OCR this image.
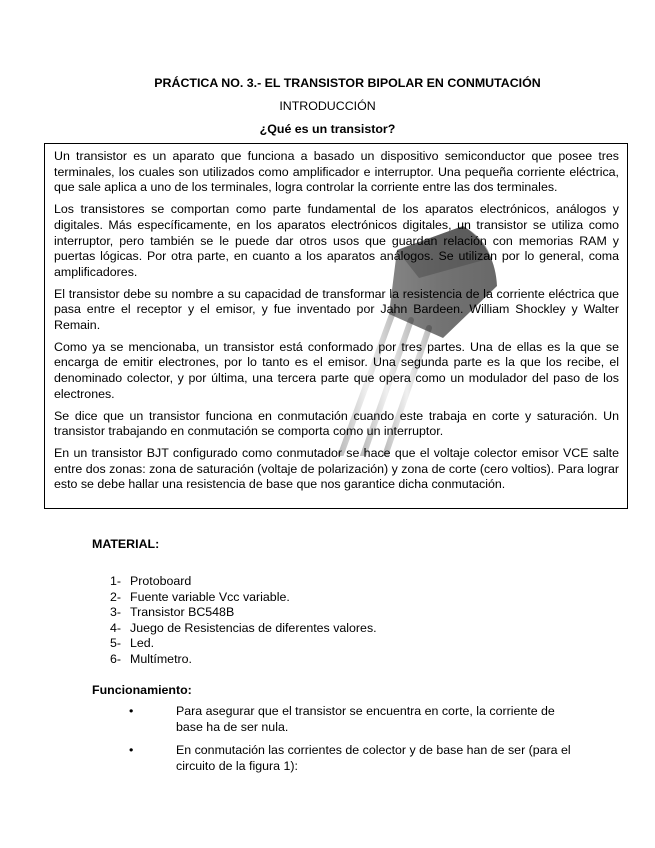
PRÁCTICA NO. 3.- EL TRANSISTOR BIPOLAR EN CONMUTACIÓN
INTRODUCCIÓN
¿Qué es un transistor?

Un transistor es un aparato que funciona a basado un dispositivo semiconductor que posee tres terminales, los cuales son utilizados como amplificador e interruptor. Una pequeña corriente eléctrica, que sale aplica a uno de los terminales, logra controlar la corriente entre las dos terminales.

Los transistores se comportan como parte fundamental de los aparatos electrónicos, análogos y digitales. Más específicamente, en los aparatos electrónicos digitales, un transistor se utiliza como interruptor, pero también se le puede dar otros usos que guardan relación con memorias RAM y puertas lógicas. Por otra parte, en cuanto a los aparatos análogos. Se utilizan por lo general, coma amplificadores.

El transistor debe su nombre a su capacidad de transformar la resistencia de la corriente eléctrica que pasa entre el receptor y el emisor, y fue inventado por Jahn Bardeen. William Shockley y Walter Remain.

Como ya se mencionaba, un transistor está conformado por tres partes. Una de ellas es la que se encarga de emitir electrones, por lo tanto es el emisor. Una segunda parte es la que los recibe, el denominado colector, y por última, una tercera parte que opera como un modulador del paso de los electrones.

Se dice que un transistor funciona en conmutación cuando este trabaja en corte y saturación. Un transistor trabajando en conmutación se comporta como un interruptor.

En un transistor BJT configurado como conmutador se hace que el voltaje colector emisor VCE salte entre dos zonas: zona de saturación (voltaje de polarización) y zona de corte (cero voltios). Para lograr esto se debe hallar una resistencia de base que nos garantice dicha conmutación.

MATERIAL:
1- Protoboard
2- Fuente variable Vcc variable.
3- Transistor BC548B
4- Juego de Resistencias de diferentes valores.
5- Led.
6- Multímetro.
Funcionamiento:
•	Para asegurar que el transistor se encuentra en corte, la corriente de base ha de ser nula.
•	En conmutación las corrientes de colector y de base han de ser (para el circuito de la figura 1):
